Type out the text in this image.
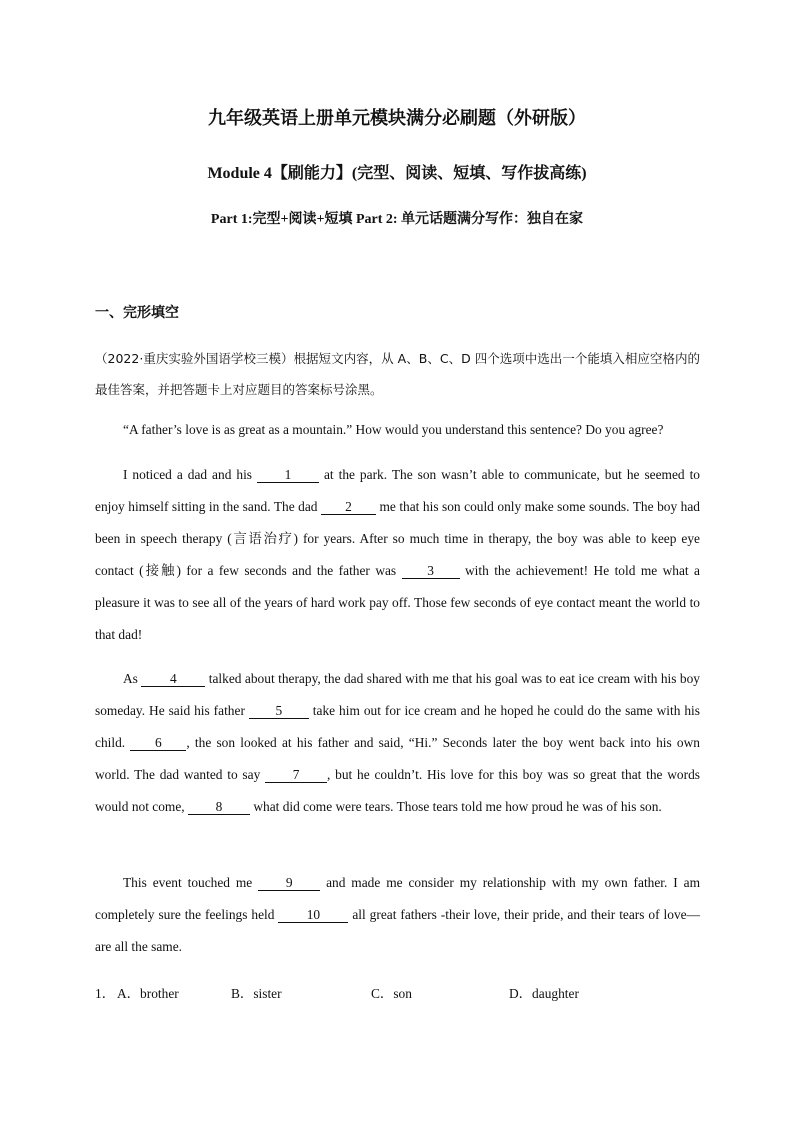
九年级英语上册单元模块满分必刷题（外研版）
Module 4【刷能力】(完型、阅读、短填、写作拔高练)
Part 1:完型+阅读+短填 Part 2: 单元话题满分写作：独自在家
一、完形填空
（2022·重庆实验外国语学校三模）根据短文内容，从 A、B、C、D 四个选项中选出一个能填入相应空格内的最佳答案，并把答题卡上对应题目的答案标号涂黑。
“A father’s love is as great as a mountain.” How would you understand this sentence? Do you agree?
I noticed a dad and his 1 at the park. The son wasn’t able to communicate, but he seemed to enjoy himself sitting in the sand. The dad 2 me that his son could only make some sounds. The boy had been in speech therapy (言语治疗) for years. After so much time in therapy, the boy was able to keep eye contact (接触) for a few seconds and the father was 3 with the achievement! He told me what a pleasure it was to see all of the years of hard work pay off. Those few seconds of eye contact meant the world to that dad!
As 4 talked about therapy, the dad shared with me that his goal was to eat ice cream with his boy someday. He said his father 5 take him out for ice cream and he hoped he could do the same with his child. 6 , the son looked at his father and said, “Hi.” Seconds later the boy went back into his own world. The dad wanted to say 7 , but he couldn’t. His love for this boy was so great that the words would not come, 8 what did come were tears. Those tears told me how proud he was of his son.
This event touched me 9 and made me consider my relationship with my own father. I am completely sure the feelings held 10 all great fathers -their love, their pride, and their tears of love—are all the same.
1． A．brother	B．sister	C．son	D．daughter
